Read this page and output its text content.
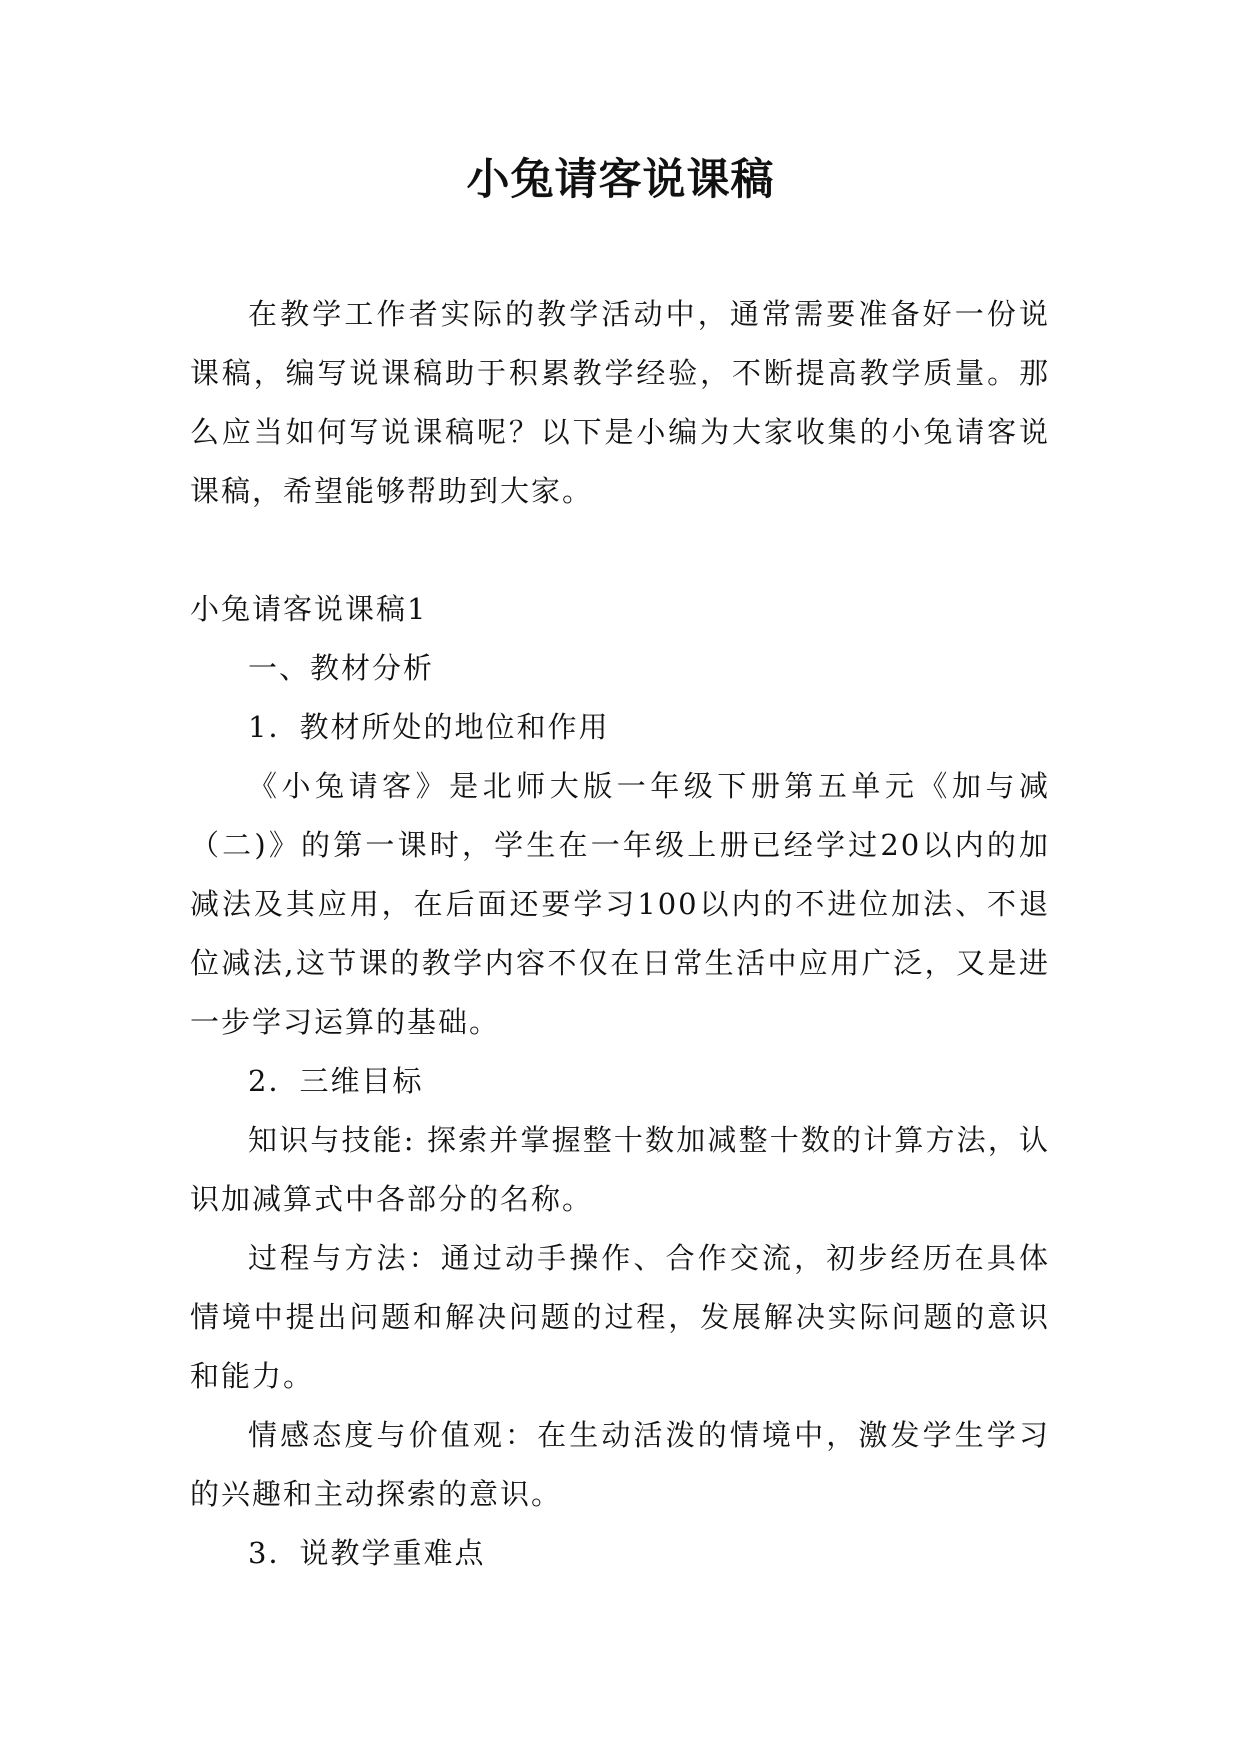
小兔请客说课稿

在教学工作者实际的教学活动中，通常需要准备好一份说课稿，编写说课稿助于积累教学经验，不断提高教学质量。那么应当如何写说课稿呢？以下是小编为大家收集的小兔请客说课稿，希望能够帮助到大家。

小兔请客说课稿1

一、教材分析

1．教材所处的地位和作用

《小兔请客》是北师大版一年级下册第五单元《加与减（二)》的第一课时，学生在一年级上册已经学过20以内的加减法及其应用，在后面还要学习100以内的不进位加法、不退位减法,这节课的教学内容不仅在日常生活中应用广泛，又是进一步学习运算的基础。

2．三维目标

知识与技能: 探索并掌握整十数加减整十数的计算方法，认识加减算式中各部分的名称。

过程与方法：通过动手操作、合作交流，初步经历在具体情境中提出问题和解决问题的过程，发展解决实际问题的意识和能力。

情感态度与价值观：在生动活泼的情境中，激发学生学习的兴趣和主动探索的意识。

3．说教学重难点
